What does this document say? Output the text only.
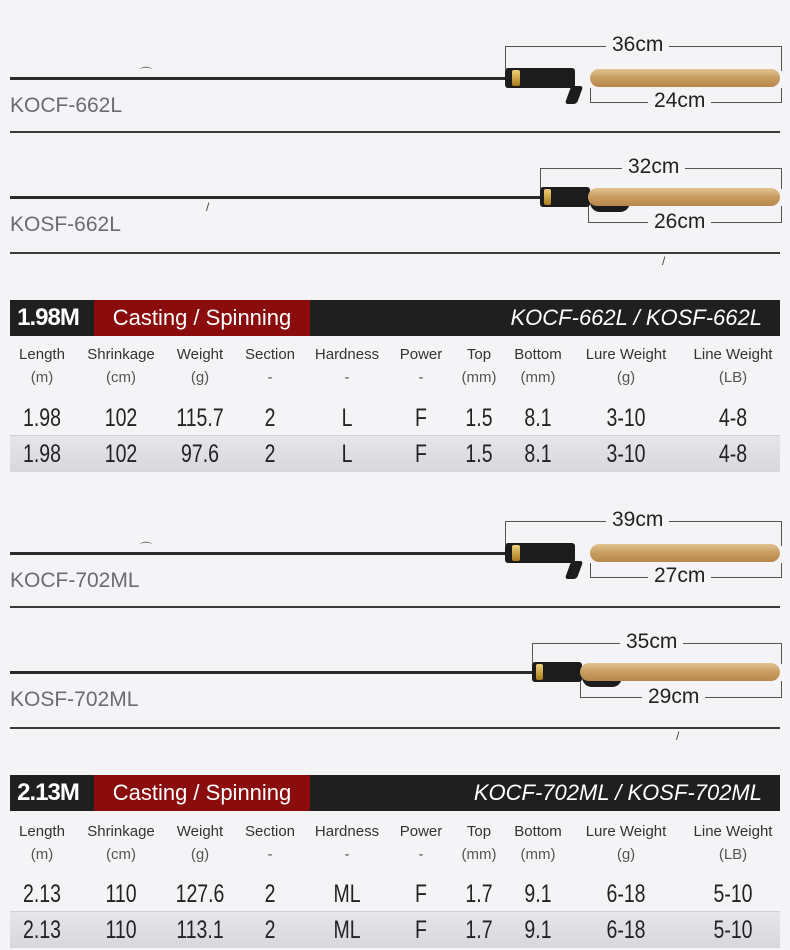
⌒
36cm
24cm
KOCF-662L
/
/
32cm
26cm
KOSF-662L
1.98M	Casting / Spinning	KOCF-662L / KOSF-662L
Length	Shrinkage	Weight	Section	Hardness	Power	Top	Bottom	Lure Weight	Line Weight
(m)	(cm)	(g)	-	-	-	(mm)	(mm)	(g)	(LB)
1.98	102	115.7	2	L	F	1.5	8.1	3-10	4-8
1.98	102	97.6	2	L	F	1.5	8.1	3-10	4-8
⌒
39cm
27cm
KOCF-702ML
/
35cm
29cm
KOSF-702ML
2.13M	Casting / Spinning	KOCF-702ML / KOSF-702ML
Length	Shrinkage	Weight	Section	Hardness	Power	Top	Bottom	Lure Weight	Line Weight
(m)	(cm)	(g)	-	-	-	(mm)	(mm)	(g)	(LB)
2.13	110	127.6	2	ML	F	1.7	9.1	6-18	5-10
2.13	110	113.1	2	ML	F	1.7	9.1	6-18	5-10
